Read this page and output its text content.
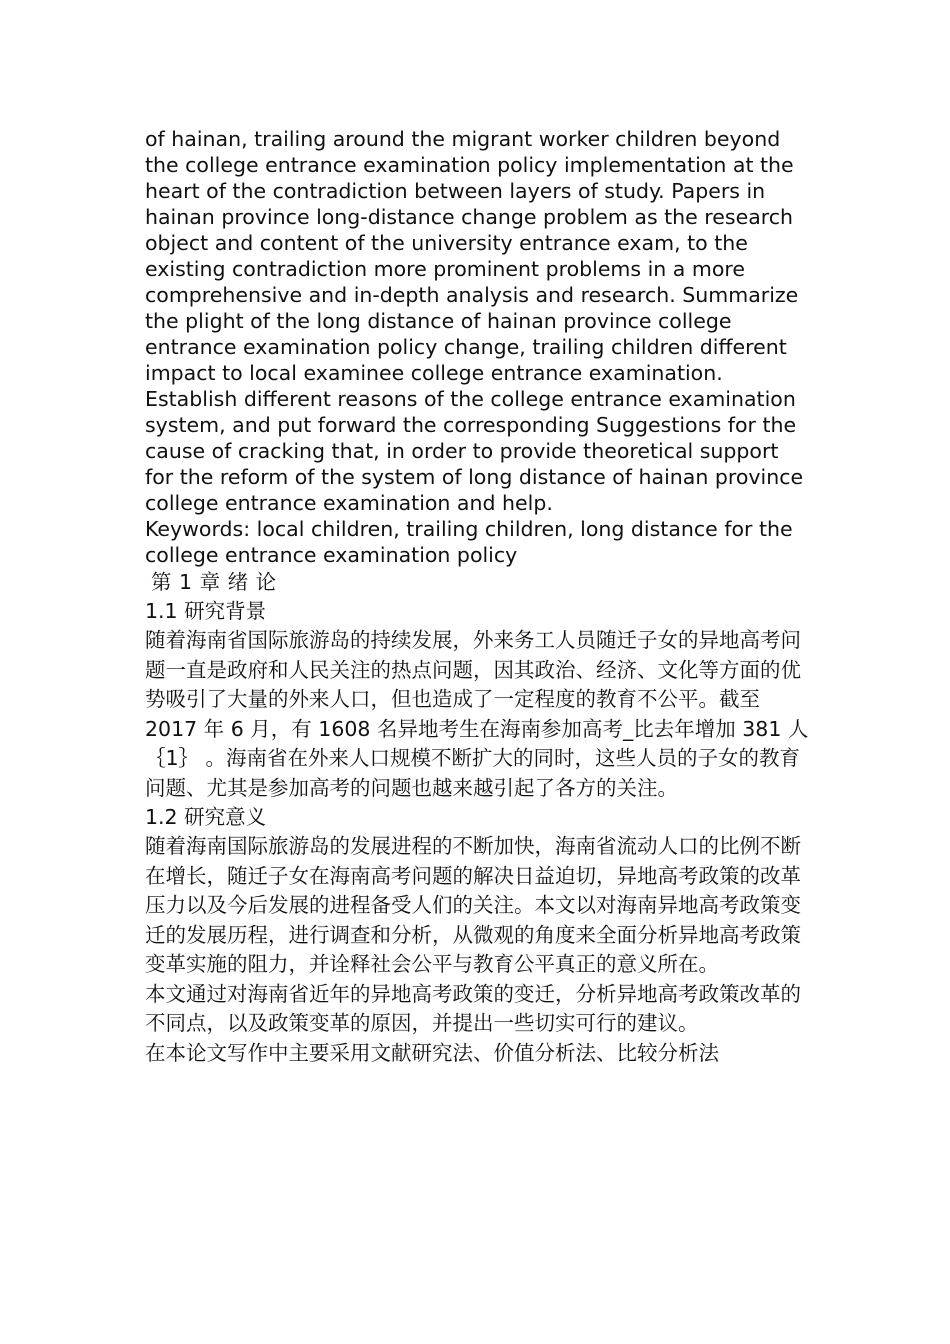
of hainan, trailing around the migrant worker children beyond the college entrance examination policy implementation at the heart of the contradiction between layers of study. Papers in hainan province long-distance change problem as the research object and content of the university entrance exam, to the existing contradiction more prominent problems in a more comprehensive and in-depth analysis and research. Summarize the plight of the long distance of hainan province college entrance examination policy change, trailing children different impact to local examinee college entrance examination. Establish different reasons of the college entrance examination system, and put forward the corresponding Suggestions for the cause of cracking that, in order to provide theoretical support for the reform of the system of long distance of hainan province college entrance examination and help.

Keywords: local children, trailing children, long distance for the college entrance examination policy

第 1 章 绪 论

1.1 研究背景

随着海南省国际旅游岛的持续发展，外来务工人员随迁子女的异地高考问题一直是政府和人民关注的热点问题，因其政治、经济、文化等方面的优势吸引了大量的外来人口，但也造成了一定程度的教育不公平。截至 2017 年 6 月，有 1608 名异地考生在海南参加高考_比去年增加 381 人 ｛1｝ 。海南省在外来人口规模不断扩大的同时，这些人员的子女的教育问题、尤其是参加高考的问题也越来越引起了各方的关注。

1.2 研究意义

随着海南国际旅游岛的发展进程的不断加快，海南省流动人口的比例不断在增长，随迁子女在海南高考问题的解决日益迫切，异地高考政策的改革压力以及今后发展的进程备受人们的关注。本文以对海南异地高考政策变迁的发展历程，进行调查和分析，从微观的角度来全面分析异地高考政策变革实施的阻力，并诠释社会公平与教育公平真正的意义所在。

本文通过对海南省近年的异地高考政策的变迁，分析异地高考政策改革的不同点，以及政策变革的原因，并提出一些切实可行的建议。

在本论文写作中主要采用文献研究法、价值分析法、比较分析法
